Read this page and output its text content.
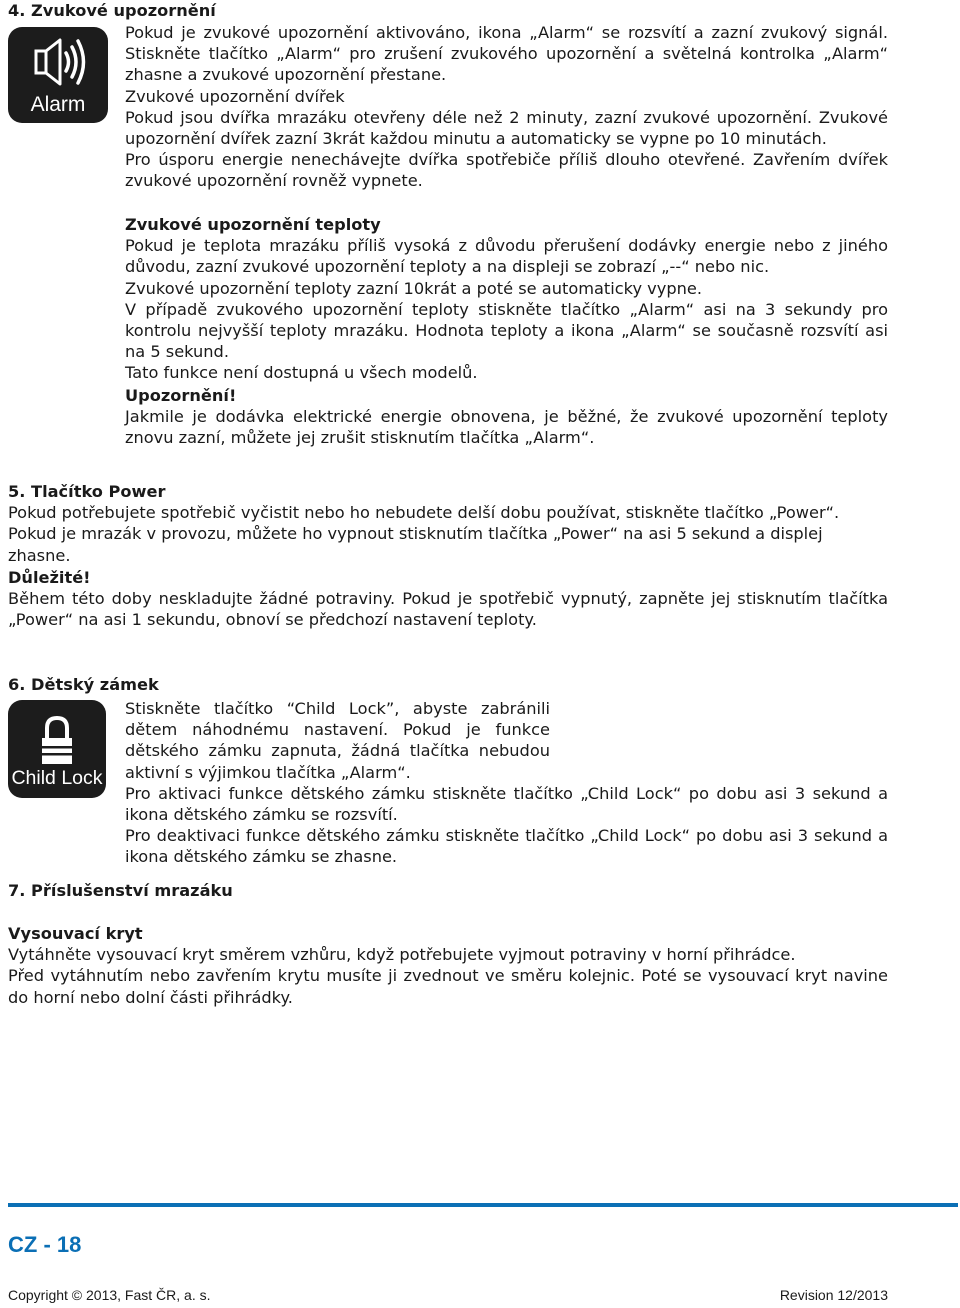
4. Zvukové upozornění
Alarm

Pokud je zvukové upozornění aktivováno, ikona „Alarm“ se rozsvítí a zazní zvukový signál. Stiskněte tlačítko „Alarm“ pro zrušení zvukového upozornění a světelná kontrolka „Alarm“ zhasne a zvukové upozornění přestane.

Zvukové upozornění dvířek

Pokud jsou dvířka mrazáku otevřeny déle než 2 minuty, zazní zvukové upozornění. Zvukové upozornění dvířek zazní 3krát každou minutu a automaticky se vypne po 10 minutách.

Pro úsporu energie nenechávejte dvířka spotřebiče příliš dlouho otevřené. Zavřením dvířek zvukové upozornění rovněž vypnete.

Zvukové upozornění teploty

Pokud je teplota mrazáku příliš vysoká z důvodu přerušení dodávky energie nebo z jiného důvodu, zazní zvukové upozornění teploty a na displeji se zobrazí „--“ nebo nic.

Zvukové upozornění teploty zazní 10krát a poté se automaticky vypne.

V případě zvukového upozornění teploty stiskněte tlačítko „Alarm“ asi na 3 sekundy pro kontrolu nejvyšší teploty mrazáku. Hodnota teploty a ikona „Alarm“ se současně rozsvítí asi na 5 sekund.

Tato funkce není dostupná u všech modelů.

Upozornění!

Jakmile je dodávka elektrické energie obnovena, je běžné, že zvukové upozornění teploty znovu zazní, můžete jej zrušit stisknutím tlačítka „Alarm“.

5. Tlačítko Power

Pokud potřebujete spotřebič vyčistit nebo ho nebudete delší dobu používat, stiskněte tlačítko „Power“.

Pokud je mrazák v provozu, můžete ho vypnout stisknutím tlačítka „Power“ na asi 5 sekund a displej zhasne.

Důležité!

Během této doby neskladujte žádné potraviny. Pokud je spotřebič vypnutý, zapněte jej stisknutím tlačítka „Power“ na asi 1 sekundu, obnoví se předchozí nastavení teploty.

6. Dětský zámek
Child Lock

Stiskněte tlačítko “Child Lock”, abyste zabránili dětem náhodnému nastavení. Pokud je funkce dětského zámku zapnuta, žádná tlačítka nebudou aktivní s výjimkou tlačítka „Alarm“.

Pro aktivaci funkce dětského zámku stiskněte tlačítko „Child Lock“ po dobu asi 3 sekund a ikona dětského zámku se rozsvítí.

Pro deaktivaci funkce dětského zámku stiskněte tlačítko „Child Lock“ po dobu asi 3 sekund a ikona dětského zámku se zhasne.

7. Příslušenství mrazáku

Vysouvací kryt

Vytáhněte vysouvací kryt směrem vzhůru, když potřebujete vyjmout potraviny v horní přihrádce.

Před vytáhnutím nebo zavřením krytu musíte ji zvednout ve směru kolejnic. Poté se vysouvací kryt navine do horní nebo dolní části přihrádky.

CZ - 18
Copyright © 2013, Fast ČR, a. s.	Revision 12/2013
